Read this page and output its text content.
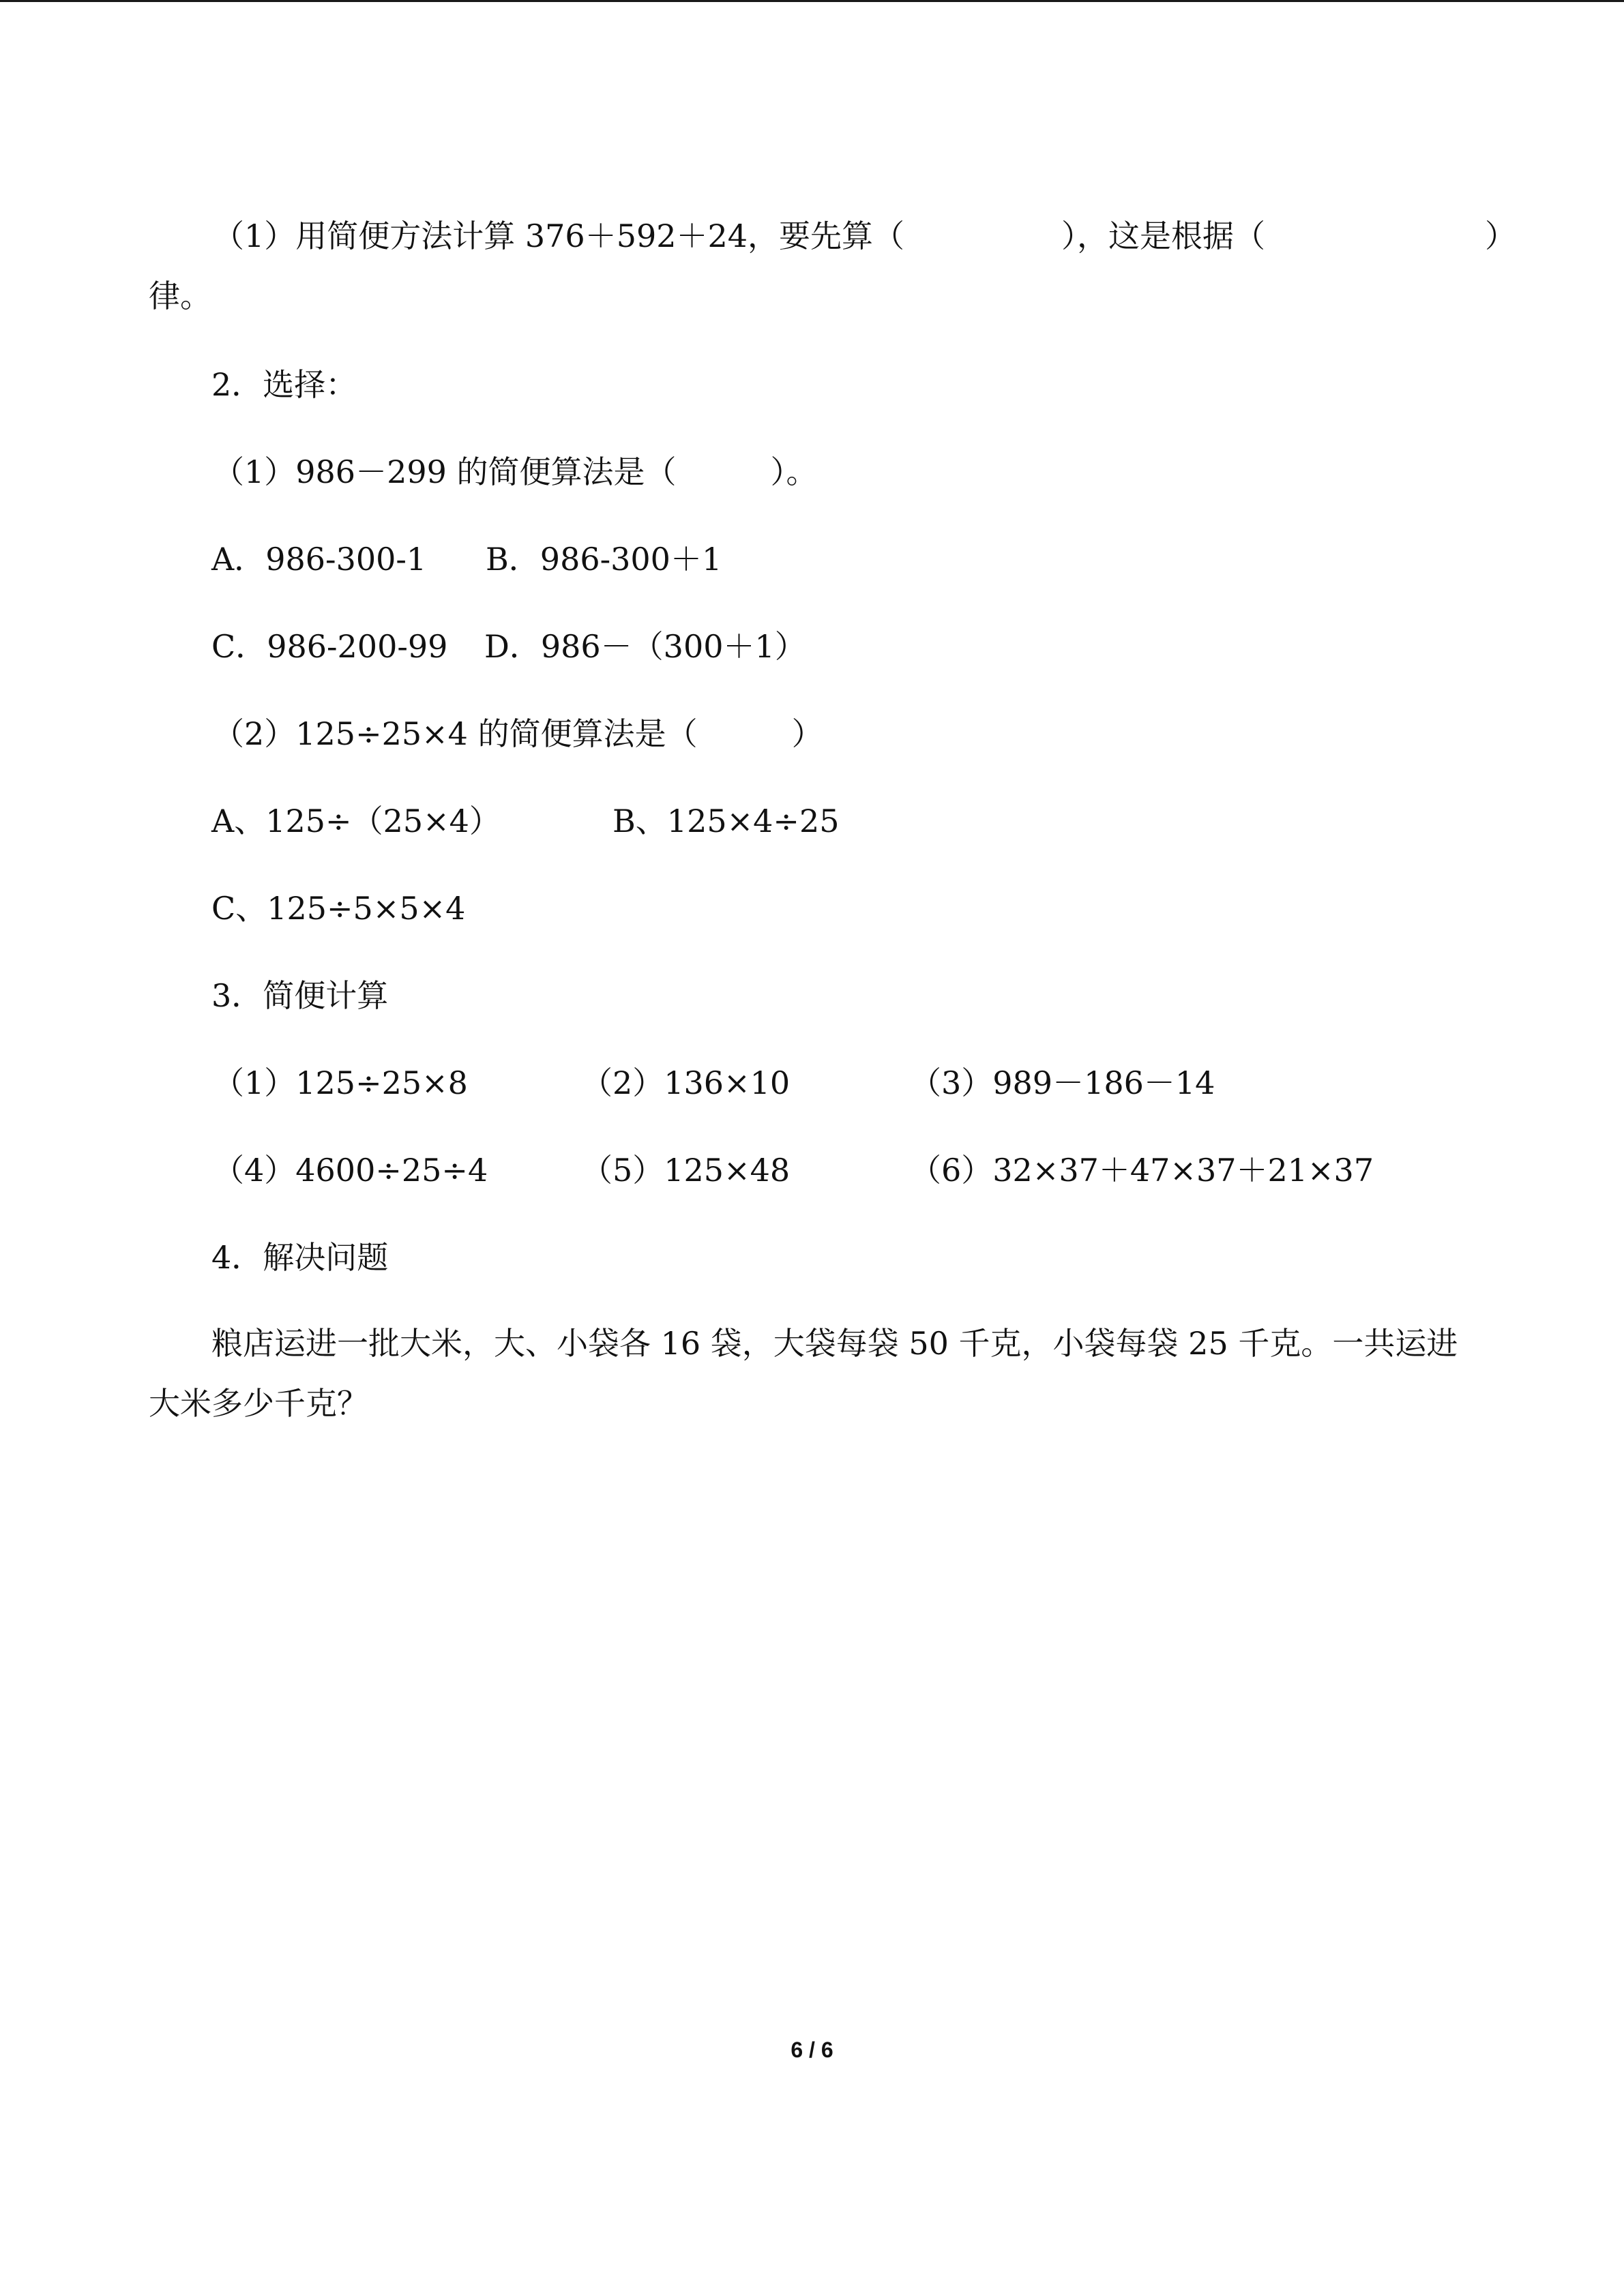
（1）用简便方法计算 376＋592＋24，要先算（　　　　　），这是根据（　　　　　　　）
律。
2．选择：
（1）986－299 的简便算法是（　　　）。
A．986-300-1 B．986-300＋1
C．986-200-99 D．986－（300＋1）
（2）125÷25×4 的简便算法是（　　　）
A、125÷（25×4）	B、125×4÷25
C、125÷5×5×4
3．简便计算
（1）125÷25×8	（2）136×10	（3）989－186－14
（4）4600÷25÷4	（5）125×48	（6）32×37＋47×37＋21×37
4．解决问题
粮店运进一批大米，大、小袋各 16 袋，大袋每袋 50 千克，小袋每袋 25 千克。一共运进
大米多少千克？
6 / 6
